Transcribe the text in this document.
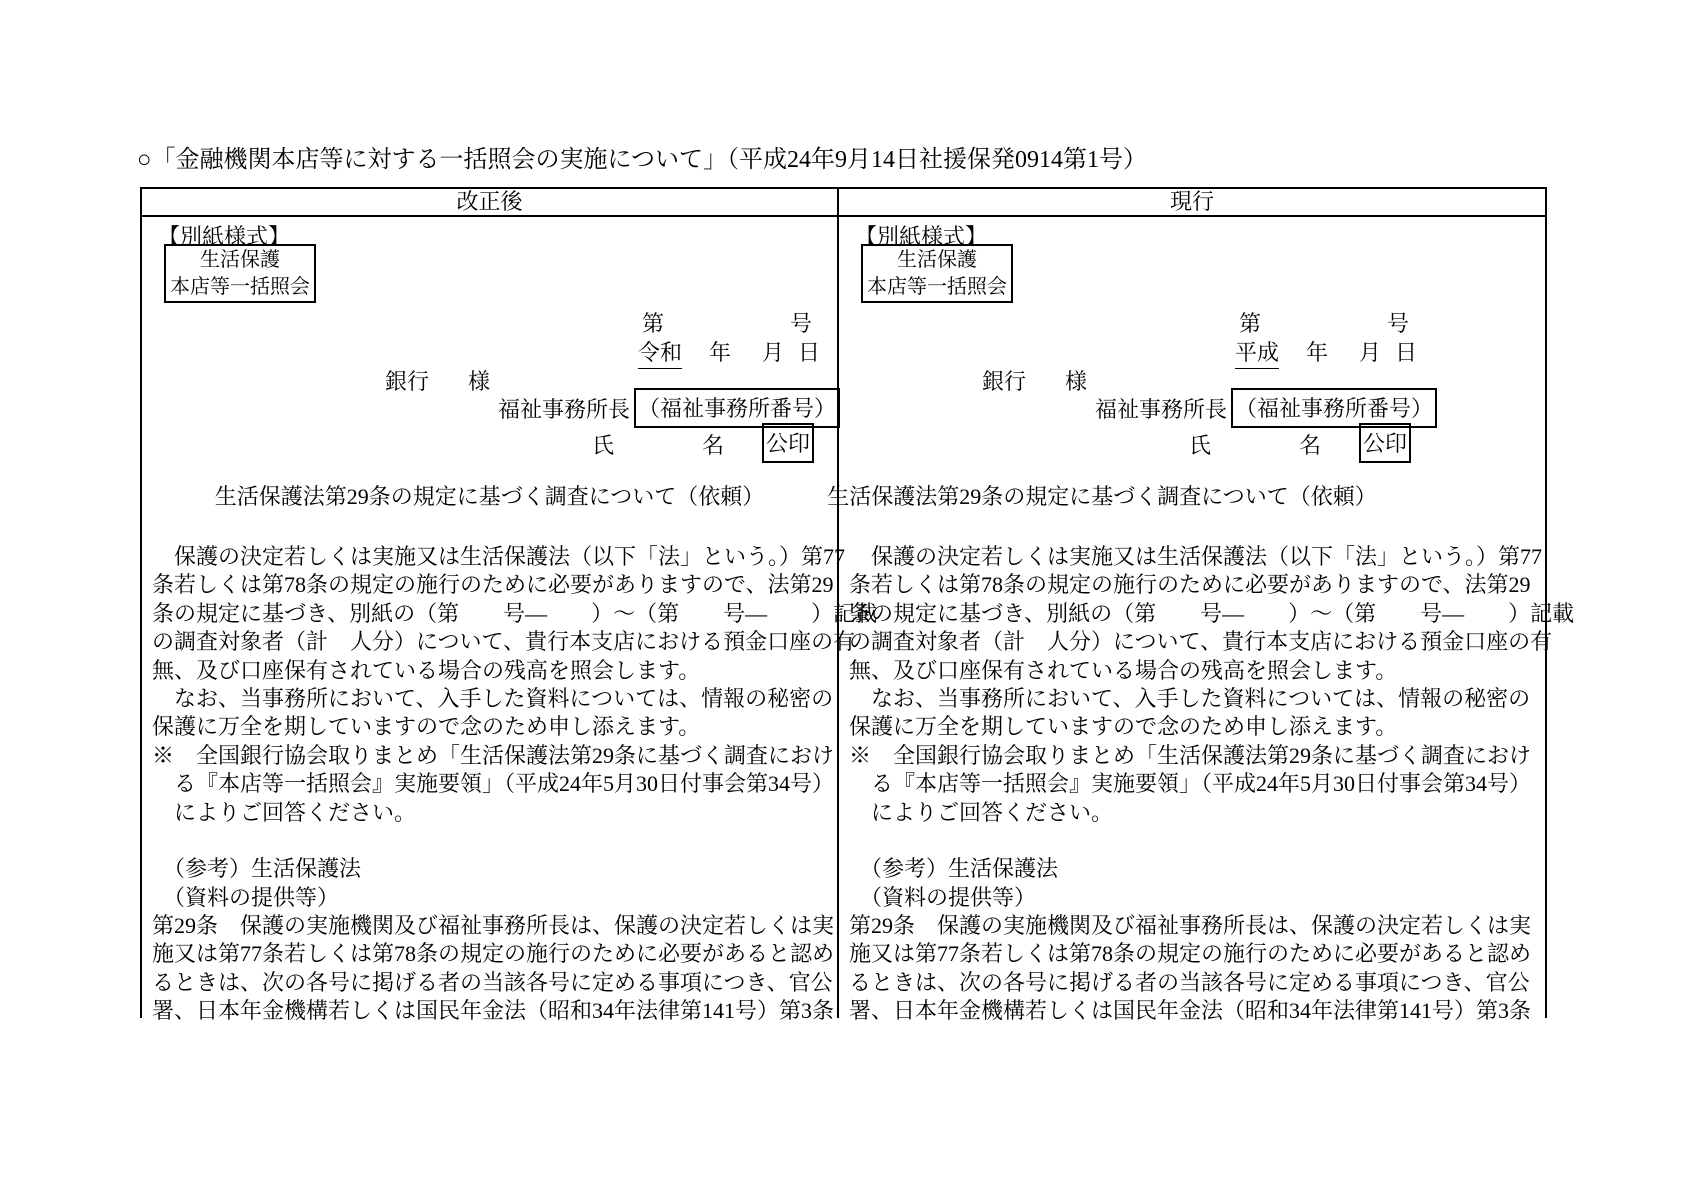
○「金融機関本店等に対する一括照会の実施について」（平成24年9月14日社援保発0914第1号）
改正後	現行
【別紙様式】
生活保護
本店等一括照会
第	号
令和 年 月 日
銀行 様
福祉事務所長 （福祉事務所番号）
氏	名 公印
生活保護法第29条の規定に基づく調査について（依頼）
　保護の決定若しくは実施又は生活保護法（以下「法」という。）第77
条若しくは第78条の規定の施行のために必要がありますので、法第29
条の規定に基づき、別紙の（第　　号―　　）～（第　　号―　　）記載
の調査対象者（計　人分）について、貴行本支店における預金口座の有
無、及び口座保有されている場合の残高を照会します。
　なお、当事務所において、入手した資料については、情報の秘密の
保護に万全を期していますので念のため申し添えます。
※　全国銀行協会取りまとめ「生活保護法第29条に基づく調査におけ
　る『本店等一括照会』実施要領」（平成24年5月30日付事会第34号）
　によりご回答ください。

　（参考）生活保護法
　（資料の提供等）
第29条　保護の実施機関及び福祉事務所長は、保護の決定若しくは実
施又は第77条若しくは第78条の規定の施行のために必要があると認め
るときは、次の各号に掲げる者の当該各号に定める事項につき、官公
署、日本年金機構若しくは国民年金法（昭和34年法律第141号）第3条
【別紙様式】
生活保護
本店等一括照会
第	号
平成 年 月 日
銀行 様
福祉事務所長 （福祉事務所番号）
氏	名 公印
生活保護法第29条の規定に基づく調査について（依頼）
　保護の決定若しくは実施又は生活保護法（以下「法」という。）第77
条若しくは第78条の規定の施行のために必要がありますので、法第29
条の規定に基づき、別紙の（第　　号―　　）～（第　　号―　　）記載
の調査対象者（計　人分）について、貴行本支店における預金口座の有
無、及び口座保有されている場合の残高を照会します。
　なお、当事務所において、入手した資料については、情報の秘密の
保護に万全を期していますので念のため申し添えます。
※　全国銀行協会取りまとめ「生活保護法第29条に基づく調査におけ
　る『本店等一括照会』実施要領」（平成24年5月30日付事会第34号）
　によりご回答ください。

　（参考）生活保護法
　（資料の提供等）
第29条　保護の実施機関及び福祉事務所長は、保護の決定若しくは実
施又は第77条若しくは第78条の規定の施行のために必要があると認め
るときは、次の各号に掲げる者の当該各号に定める事項につき、官公
署、日本年金機構若しくは国民年金法（昭和34年法律第141号）第3条
